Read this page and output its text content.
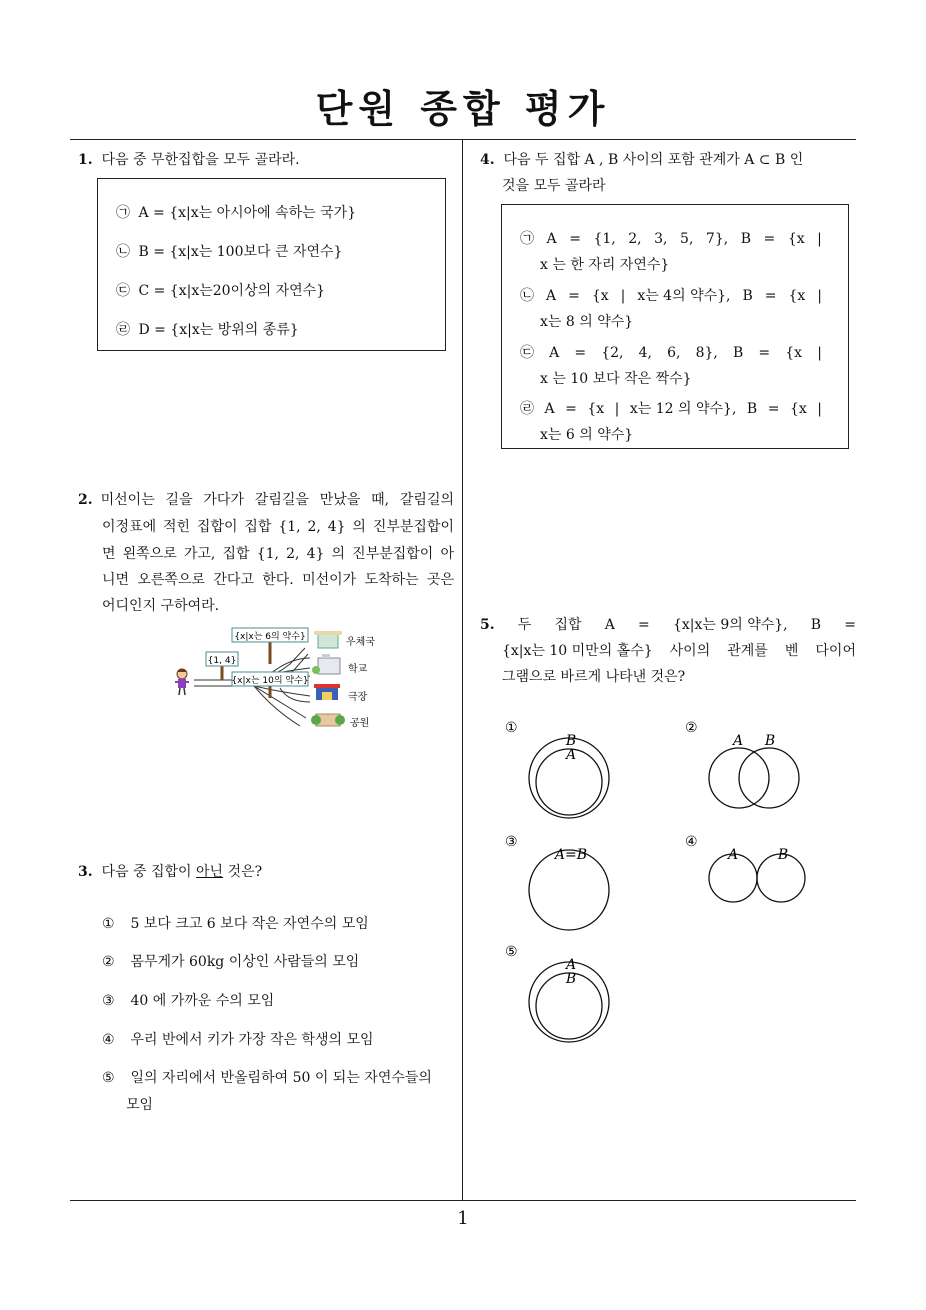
단원 종합 평가
1. 다음 중 무한집합을 모두 골라라.
㉠ A = {x|x는 아시아에 속하는 국가}
㉡ B = {x|x는 100보다 큰 자연수}
㉢ C = {x|x는20이상의 자연수}
㉣ D = {x|x는 방위의 종류}
2. 미선이는 길을 가다가 갈림길을 만났을 때, 갈림길의
이정표에 적힌 집합이 집합 {1, 2, 4} 의 진부분집합이
면 왼쪽으로 가고, 집합 {1, 2, 4} 의 진부분집합이 아
니면 오른쪽으로 간다고 한다. 미선이가 도착하는 곳은
어디인지 구하여라.
{x|x는 6의 약수}
{1, 4}
{x|x는 10의 약수}
우체국
학교
극장
공원
3. 다음 중 집합이 아닌 것은?
① 5 보다 크고 6 보다 작은 자연수의 모임
② 몸무게가 60kg 이상인 사람들의 모임
③ 40 에 가까운 수의 모임
④ 우리 반에서 키가 가장 작은 학생의 모임
⑤ 일의 자리에서 반올림하여 50 이 되는 자연수들의
모임
4. 다음 두 집합 A , B 사이의 포함 관계가 A ⊂ B 인
것을 모두 골라라
㉠ A = {1, 2, 3, 5, 7}, B = {x |
x 는 한 자리 자연수}
㉡ A = {x | x는 4의 약수}, B = {x |
x는 8 의 약수}
㉢ A = {2, 4, 6, 8}, B = {x |
x 는 10 보다 작은 짝수}
㉣ A = {x | x는 12 의 약수}, B = {x |
x는 6 의 약수}
5. 두 집합 A = {x|x는 9의 약수}, B =
{x|x는 10 미만의 홀수} 사이의 관계를 벤 다이어
그램으로 바르게 나타낸 것은?
①
B
A
②
A B
③
A=B
④
A	B
⑤
A
B
1
